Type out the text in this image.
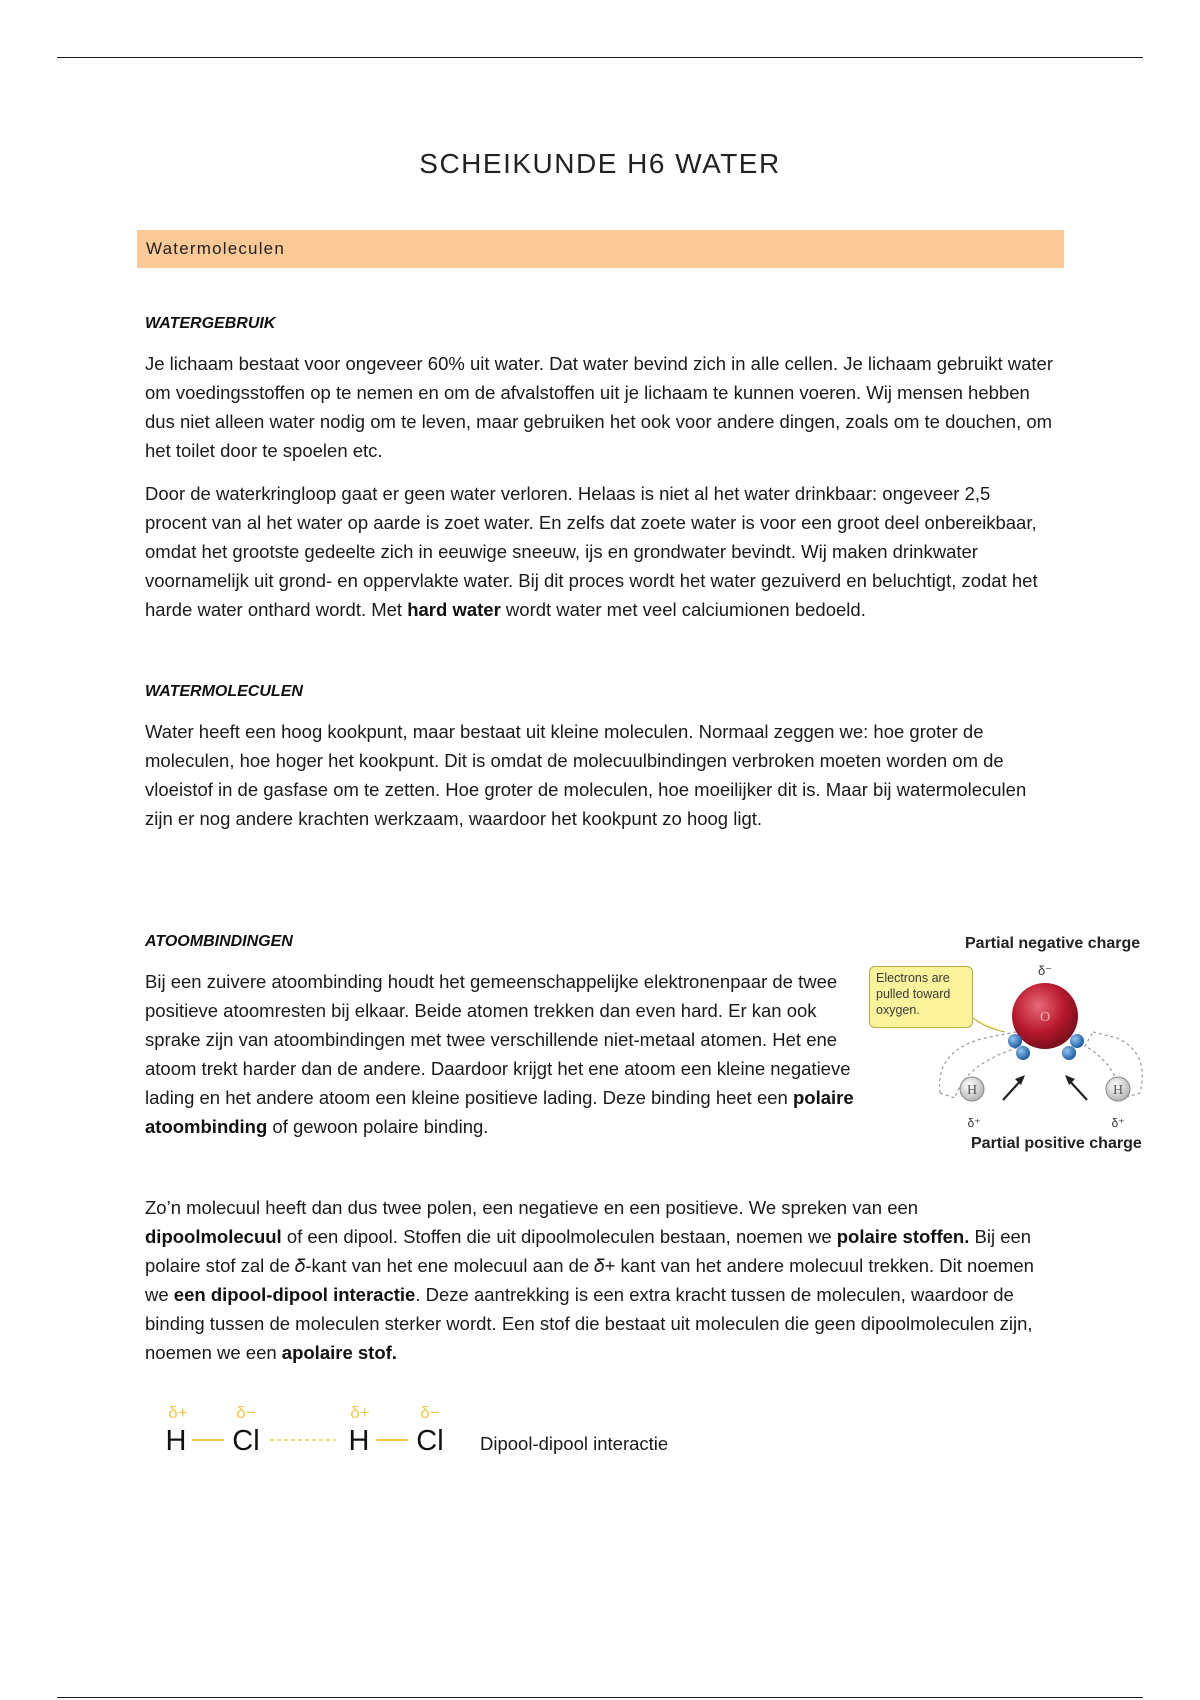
SCHEIKUNDE H6 WATER
Watermoleculen

WATERGEBRUIK

Je lichaam bestaat voor ongeveer 60% uit water. Dat water bevind zich in alle cellen. Je lichaam gebruikt water om voedingsstoffen op te nemen en om de afvalstoffen uit je lichaam te kunnen voeren. Wij mensen hebben dus niet alleen water nodig om te leven, maar gebruiken het ook voor andere dingen, zoals om te douchen, om het toilet door te spoelen etc.

Door de waterkringloop gaat er geen water verloren. Helaas is niet al het water drinkbaar: ongeveer 2,5 procent van al het water op aarde is zoet water. En zelfs dat zoete water is voor een groot deel onbereikbaar, omdat het grootste gedeelte zich in eeuwige sneeuw, ijs en grondwater bevindt. Wij maken drinkwater voornamelijk uit grond- en oppervlakte water. Bij dit proces wordt het water gezuiverd en beluchtigt, zodat het harde water onthard wordt. Met hard water wordt water met veel calciumionen bedoeld.

WATERMOLECULEN

Water heeft een hoog kookpunt, maar bestaat uit kleine moleculen. Normaal zeggen we: hoe groter de moleculen, hoe hoger het kookpunt. Dit is omdat de molecuulbindingen verbroken moeten worden om de vloeistof in de gasfase om te zetten. Hoe groter de moleculen, hoe moeilijker dit is. Maar bij watermoleculen zijn er nog andere krachten werkzaam, waardoor het kookpunt zo hoog ligt.

ATOOMBINDINGEN

Bij een zuivere atoombinding houdt het gemeenschappelijke elektronenpaar de twee positieve atoomresten bij elkaar. Beide atomen trekken dan even hard. Er kan ook sprake zijn van atoombindingen met twee verschillende niet-metaal atomen. Het ene atoom trekt harder dan de andere. Daardoor krijgt het ene atoom een kleine negatieve lading en het andere atoom een kleine positieve lading. Deze binding heet een polaire atoombinding of gewoon polaire binding.

Zo’n molecuul heeft dan dus twee polen, een negatieve en een positieve. We spreken van een dipoolmolecuul of een dipool. Stoffen die uit dipoolmoleculen bestaan, noemen we polaire stoffen. Bij een polaire stof zal de 𝛿-kant van het ene molecuul aan de 𝛿+ kant van het andere molecuul trekken. Dit noemen we een dipool-dipool interactie. Deze aantrekking is een extra kracht tussen de moleculen, waardoor de binding tussen de moleculen sterker wordt. Een stof die bestaat uit moleculen die geen dipoolmoleculen zijn, noemen we een apolaire stof.

Partial negative charge
Partial positive charge
Electrons are pulled toward oxygen.	O
δ⁻
H	H
δ⁺	δ⁺
δ+	δ−	δ+	δ−
H Cl	H Cl Dipool-dipool interactie
